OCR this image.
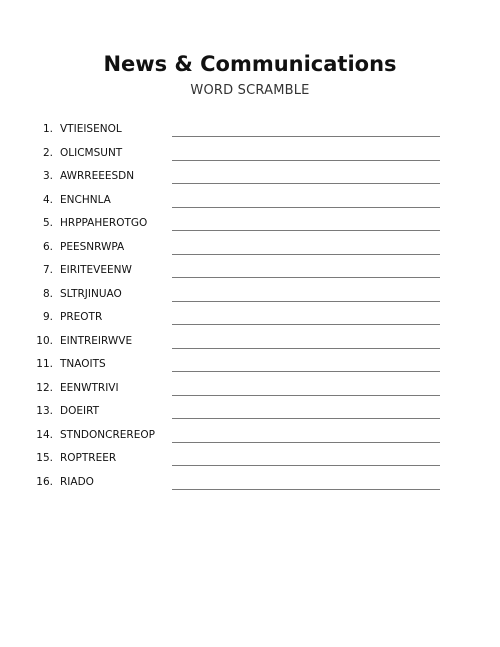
News & Communications
WORD SCRAMBLE
1. VTIEISENOL
2. OLICMSUNT
3. AWRREEESDN
4. ENCHNLA
5. HRPPAHEROTGO
6. PEESNRWPA
7. EIRITEVEENW
8. SLTRJINUAO
9. PREOTR
10. EINTREIRWVE
11. TNAOITS
12. EENWTRIVI
13. DOEIRT
14. STNDONCREREOP
15. ROPTREER
16. RIADO
